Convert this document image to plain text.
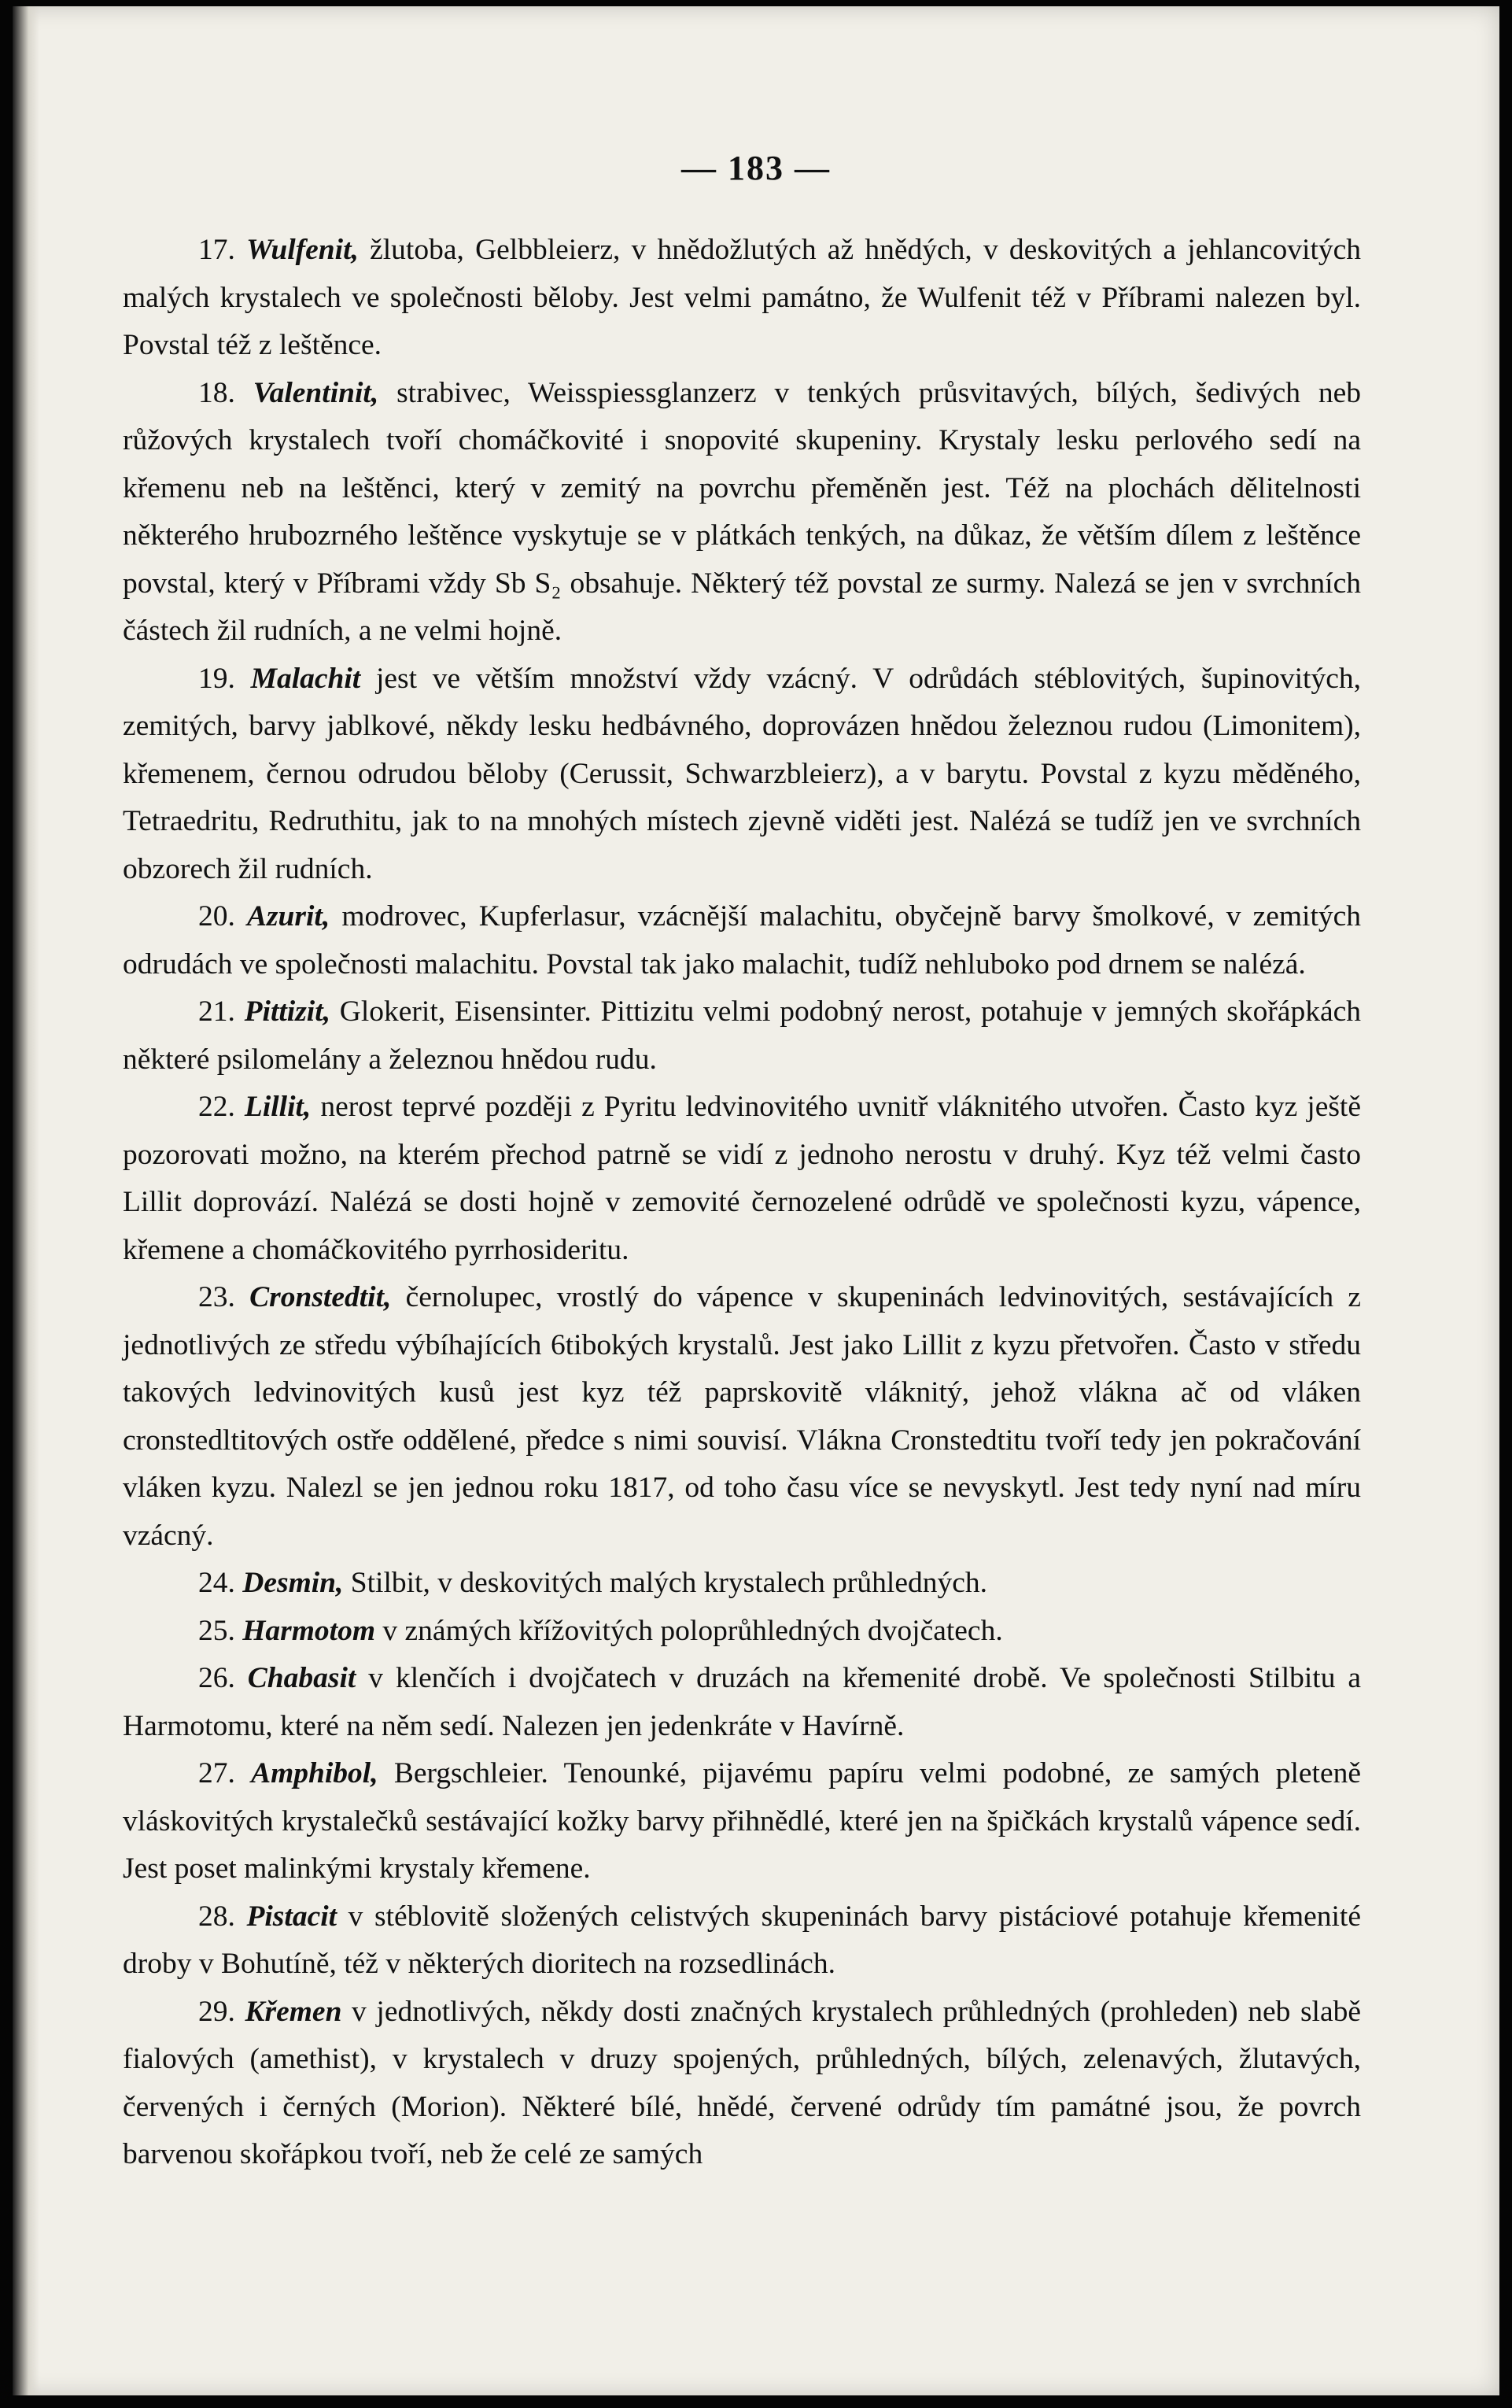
— 183 —

17. Wulfenit, žlutoba, Gelbbleierz, v hnědožlutých až hnědých, v deskovitých a jehlancovitých malých krystalech ve společnosti běloby. Jest velmi památno, že Wulfenit též v Příbrami nalezen byl. Povstal též z leštěnce.

18. Valentinit, strabivec, Weisspiessglanzerz v tenkých průsvitavých, bílých, šedivých neb růžových krystalech tvoří chomáčkovité i snopovité skupeniny. Krystaly lesku perlového sedí na křemenu neb na leštěnci, který v zemitý na povrchu přeměněn jest. Též na plochách dělitelnosti některého hrubozrného leštěnce vyskytuje se v plátkách tenkých, na důkaz, že větším dílem z leštěnce povstal, který v Příbrami vždy Sb S₂ obsahuje. Některý též povstal ze surmy. Nalezá se jen v svrchních částech žil rudních, a ne velmi hojně.

19. Malachit jest ve větším množství vždy vzácný. V odrůdách stéblovitých, šupinovitých, zemitých, barvy jablkové, někdy lesku hedbávného, doprovázen hnědou železnou rudou (Limonitem), křemenem, černou odrudou běloby (Cerussit, Schwarzbleierz), a v barytu. Povstal z kyzu měděného, Tetraedritu, Redruthitu, jak to na mnohých místech zjevně viděti jest. Nalézá se tudíž jen ve svrchních obzorech žil rudních.

20. Azurit, modrovec, Kupferlasur, vzácnější malachitu, obyčejně barvy šmolkové, v zemitých odrudách ve společnosti malachitu. Povstal tak jako malachit, tudíž nehluboko pod drnem se nalézá.

21. Pittizit, Glokerit, Eisensinter. Pittizitu velmi podobný nerost, potahuje v jemných skořápkách některé psilomelány a železnou hnědou rudu.

22. Lillit, nerost teprvé později z Pyritu ledvinovitého uvnitř vláknitého utvořen. Často kyz ještě pozorovati možno, na kterém přechod patrně se vidí z jednoho nerostu v druhý. Kyz též velmi často Lillit doprovází. Nalézá se dosti hojně v zemovité černozelené odrůdě ve společnosti kyzu, vápence, křemene a chomáčkovitého pyrrhosideritu.

23. Cronstedtit, černolupec, vrostlý do vápence v skupeninách ledvinovitých, sestávajících z jednotlivých ze středu výbíhajících 6tibokých krystalů. Jest jako Lillit z kyzu přetvořen. Často v středu takových ledvinovitých kusů jest kyz též paprskovitě vláknitý, jehož vlákna ač od vláken cronstedltitových ostře oddělené, předce s nimi souvisí. Vlákna Cronstedtitu tvoří tedy jen pokračování vláken kyzu. Nalezl se jen jednou roku 1817, od toho času více se nevyskytl. Jest tedy nyní nad míru vzácný.

24. Desmin, Stilbit, v deskovitých malých krystalech průhledných.

25. Harmotom v známých křížovitých poloprůhledných dvojčatech.

26. Chabasit v klenčích i dvojčatech v druzách na křemenité drobě. Ve společnosti Stilbitu a Harmotomu, které na něm sedí. Nalezen jen jedenkráte v Havírně.

27. Amphibol, Bergschleier. Tenounké, pijavému papíru velmi podobné, ze samých pleteně vláskovitých krystalečků sestávající kožky barvy přihnědlé, které jen na špičkách krystalů vápence sedí. Jest poset malinkými krystaly křemene.

28. Pistacit v stéblovitě složených celistvých skupeninách barvy pistáciové potahuje křemenité droby v Bohutíně, též v některých dioritech na rozsedlinách.

29. Křemen v jednotlivých, někdy dosti značných krystalech průhledných (prohleden) neb slabě fialových (amethist), v krystalech v druzy spojených, průhledných, bílých, zelenavých, žlutavých, červených i černých (Morion). Některé bílé, hnědé, červené odrůdy tím památné jsou, že povrch barvenou skořápkou tvoří, neb že celé ze samých
